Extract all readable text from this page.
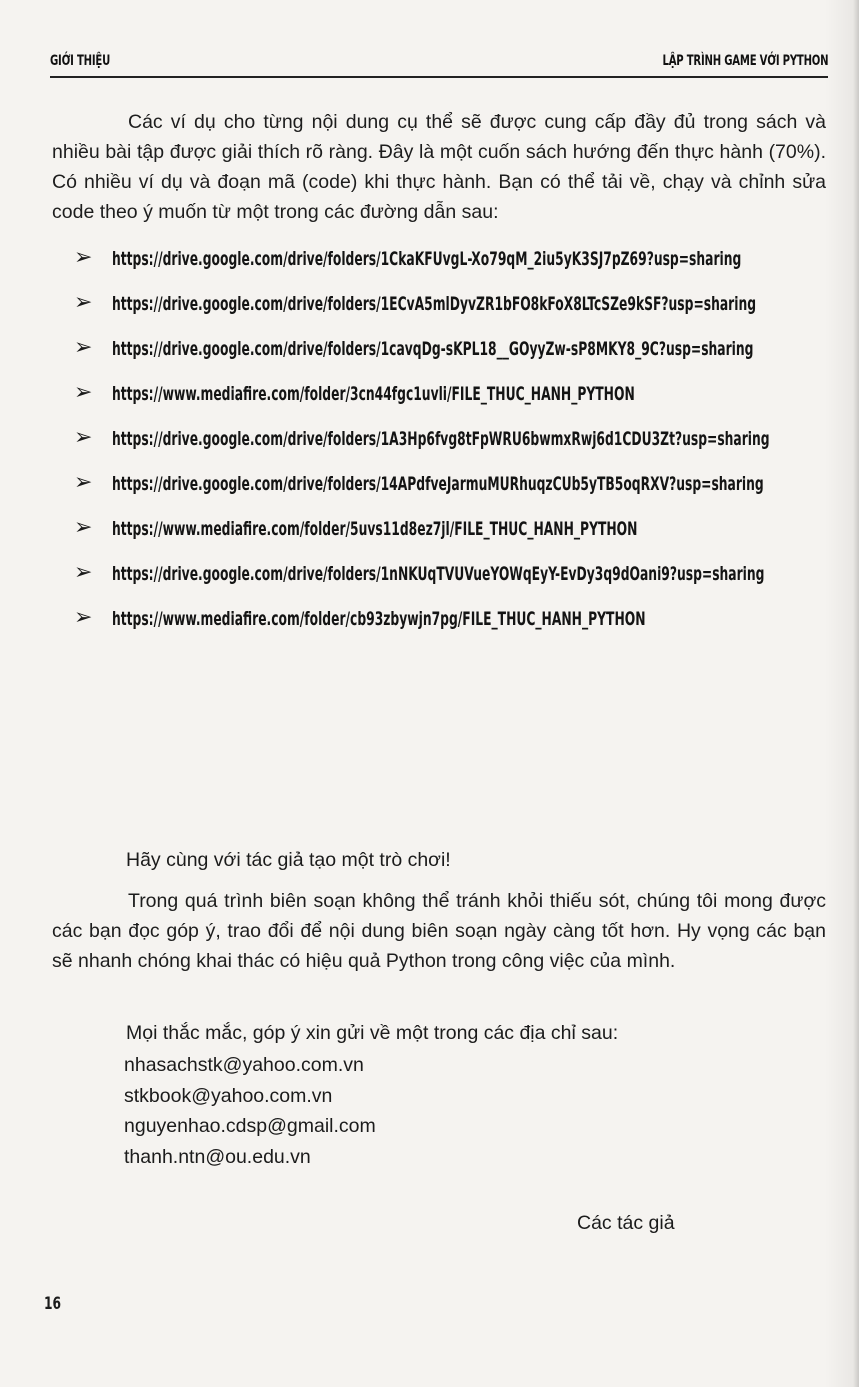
GIỚI THIỆU	LẬP TRÌNH GAME VỚI PYTHON

Các ví dụ cho từng nội dung cụ thể sẽ được cung cấp đầy đủ trong sách và nhiều bài tập được giải thích rõ ràng. Đây là một cuốn sách hướng đến thực hành (70%). Có nhiều ví dụ và đoạn mã (code) khi thực hành. Bạn có thể tải về, chạy và chỉnh sửa code theo ý muốn từ một trong các đường dẫn sau:

➢ https://drive.google.com/drive/folders/1CkaKFUvgL-Xo79qM_2iu5yK3SJ7pZ69?usp=sharing
➢ https://drive.google.com/drive/folders/1ECvA5mlDyvZR1bFO8kFoX8LTcSZe9kSF?usp=sharing
➢ https://drive.google.com/drive/folders/1cavqDg-sKPL18__GOyyZw-sP8MKY8_9C?usp=sharing
➢ https://www.mediafire.com/folder/3cn44fgc1uvli/FILE_THUC_HANH_PYTHON
➢ https://drive.google.com/drive/folders/1A3Hp6fvg8tFpWRU6bwmxRwj6d1CDU3Zt?usp=sharing
➢ https://drive.google.com/drive/folders/14APdfveJarmuMURhuqzCUb5yTB5oqRXV?usp=sharing
➢ https://www.mediafire.com/folder/5uvs11d8ez7jl/FILE_THUC_HANH_PYTHON
➢ https://drive.google.com/drive/folders/1nNKUqTVUVueYOWqEyY-EvDy3q9dOani9?usp=sharing
➢ https://www.mediafire.com/folder/cb93zbywjn7pg/FILE_THUC_HANH_PYTHON
Hãy cùng với tác giả tạo một trò chơi!

Trong quá trình biên soạn không thể tránh khỏi thiếu sót, chúng tôi mong được các bạn đọc góp ý, trao đổi để nội dung biên soạn ngày càng tốt hơn. Hy vọng các bạn sẽ nhanh chóng khai thác có hiệu quả Python trong công việc của mình.

Mọi thắc mắc, góp ý xin gửi về một trong các địa chỉ sau:
nhasachstk@yahoo.com.vn
stkbook@yahoo.com.vn
nguyenhao.cdsp@gmail.com
thanh.ntn@ou.edu.vn
Các tác giả
16
